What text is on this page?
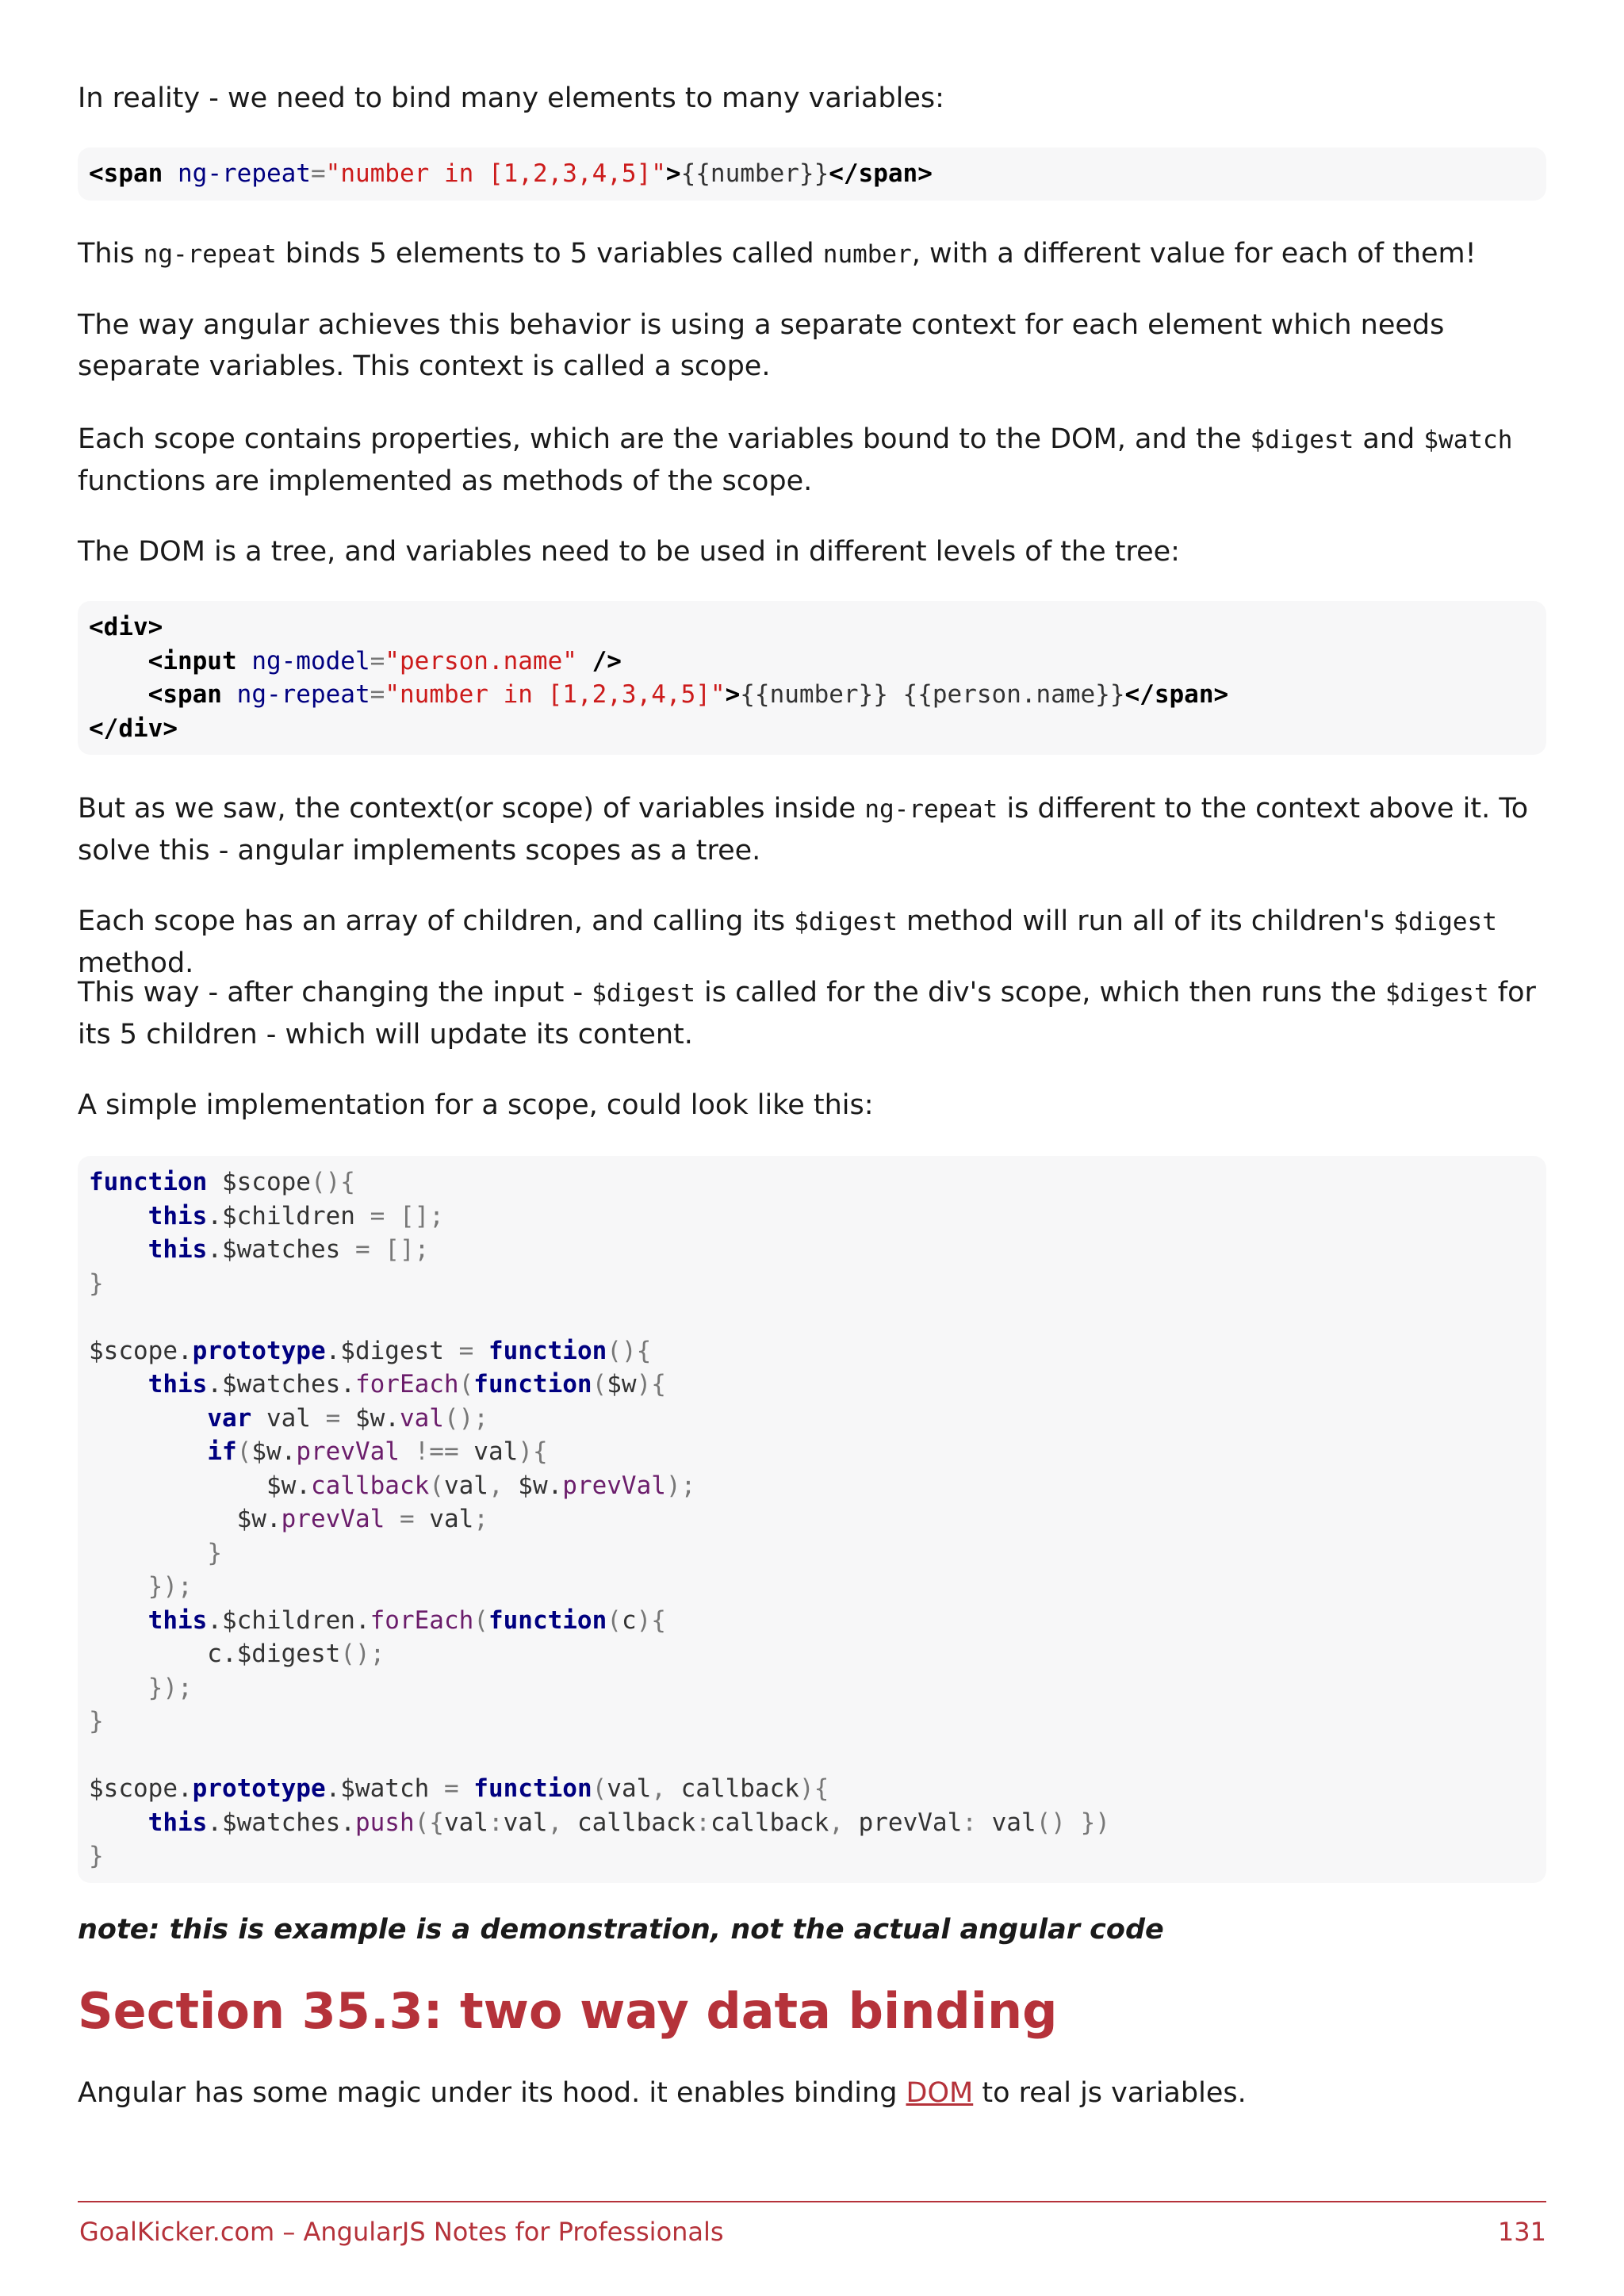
In reality - we need to bind many elements to many variables:

<span ng-repeat="number in [1,2,3,4,5]">{{number}}</span>

This ng-repeat binds 5 elements to 5 variables called number, with a different value for each of them!

The way angular achieves this behavior is using a separate context for each element which needs separate variables. This context is called a scope.

Each scope contains properties, which are the variables bound to the DOM, and the $digest and $watch functions are implemented as methods of the scope.

The DOM is a tree, and variables need to be used in different levels of the tree:

<div>
<input ng-model="person.name" />
<span ng-repeat="number in [1,2,3,4,5]">{{number}} {{person.name}}</span>
</div>

But as we saw, the context(or scope) of variables inside ng-repeat is different to the context above it. To solve this - angular implements scopes as a tree.

Each scope has an array of children, and calling its $digest method will run all of its children's $digest method.

This way - after changing the input - $digest is called for the div's scope, which then runs the $digest for its 5 children - which will update its content.

A simple implementation for a scope, could look like this:

function $scope(){
this.$children = [];
this.$watches = [];
}

$scope.prototype.$digest = function(){
this.$watches.forEach(function($w){
var val = $w.val();
if($w.prevVal !== val){
$w.callback(val, $w.prevVal);
$w.prevVal = val;
}
});
this.$children.forEach(function(c){
c.$digest();
});
}

$scope.prototype.$watch = function(val, callback){
this.$watches.push({val:val, callback:callback, prevVal: val() })
}

note: this is example is a demonstration, not the actual angular code

Section 35.3: two way data binding

Angular has some magic under its hood. it enables binding DOM to real js variables.

GoalKicker.com – AngularJS Notes for Professionals	131
